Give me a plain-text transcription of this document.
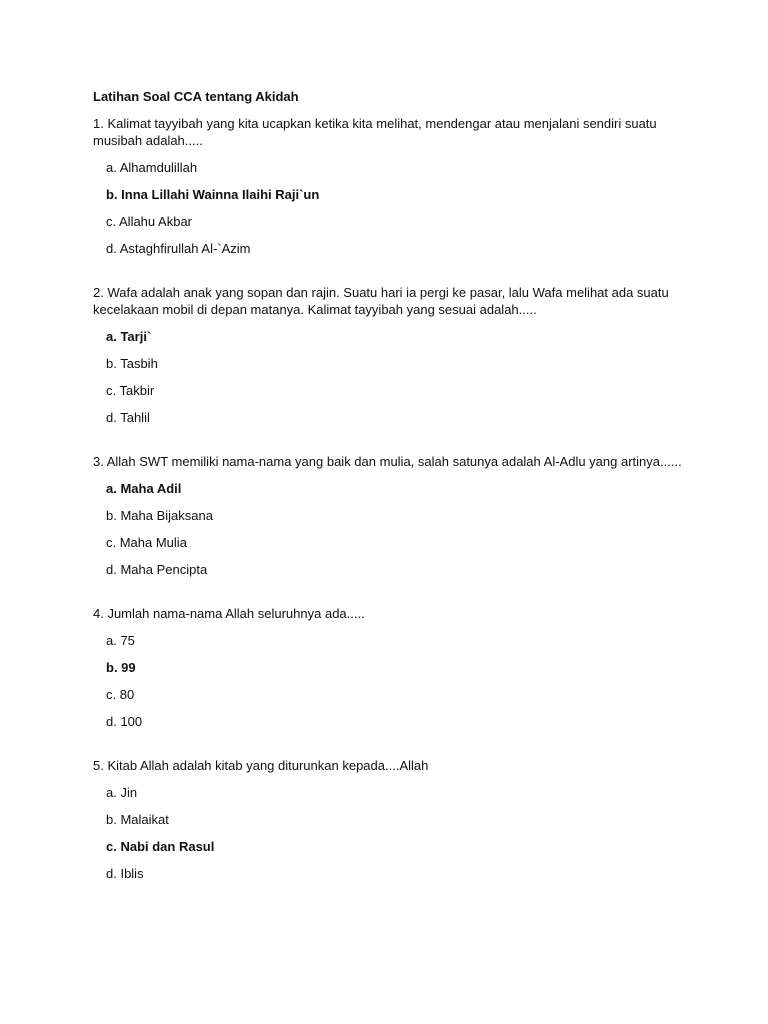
Latihan Soal CCA tentang Akidah
1. Kalimat tayyibah yang kita ucapkan ketika kita melihat, mendengar atau menjalani sendiri suatu musibah adalah.....
a. Alhamdulillah
b. Inna Lillahi Wainna Ilaihi Raji`un
c. Allahu Akbar
d. Astaghfirullah Al-`Azim
2. Wafa adalah anak yang sopan dan rajin. Suatu hari ia pergi ke pasar, lalu Wafa melihat ada suatu kecelakaan mobil di depan matanya. Kalimat tayyibah yang sesuai adalah.....
a. Tarji`
b. Tasbih
c. Takbir
d. Tahlil
3. Allah SWT memiliki nama-nama yang baik dan mulia, salah satunya adalah Al-Adlu yang artinya......
a. Maha Adil
b. Maha Bijaksana
c. Maha Mulia
d. Maha Pencipta
4. Jumlah nama-nama Allah seluruhnya ada.....
a. 75
b. 99
c. 80
d. 100
5. Kitab Allah adalah kitab yang diturunkan kepada....Allah
a. Jin
b. Malaikat
c. Nabi dan Rasul
d. Iblis
